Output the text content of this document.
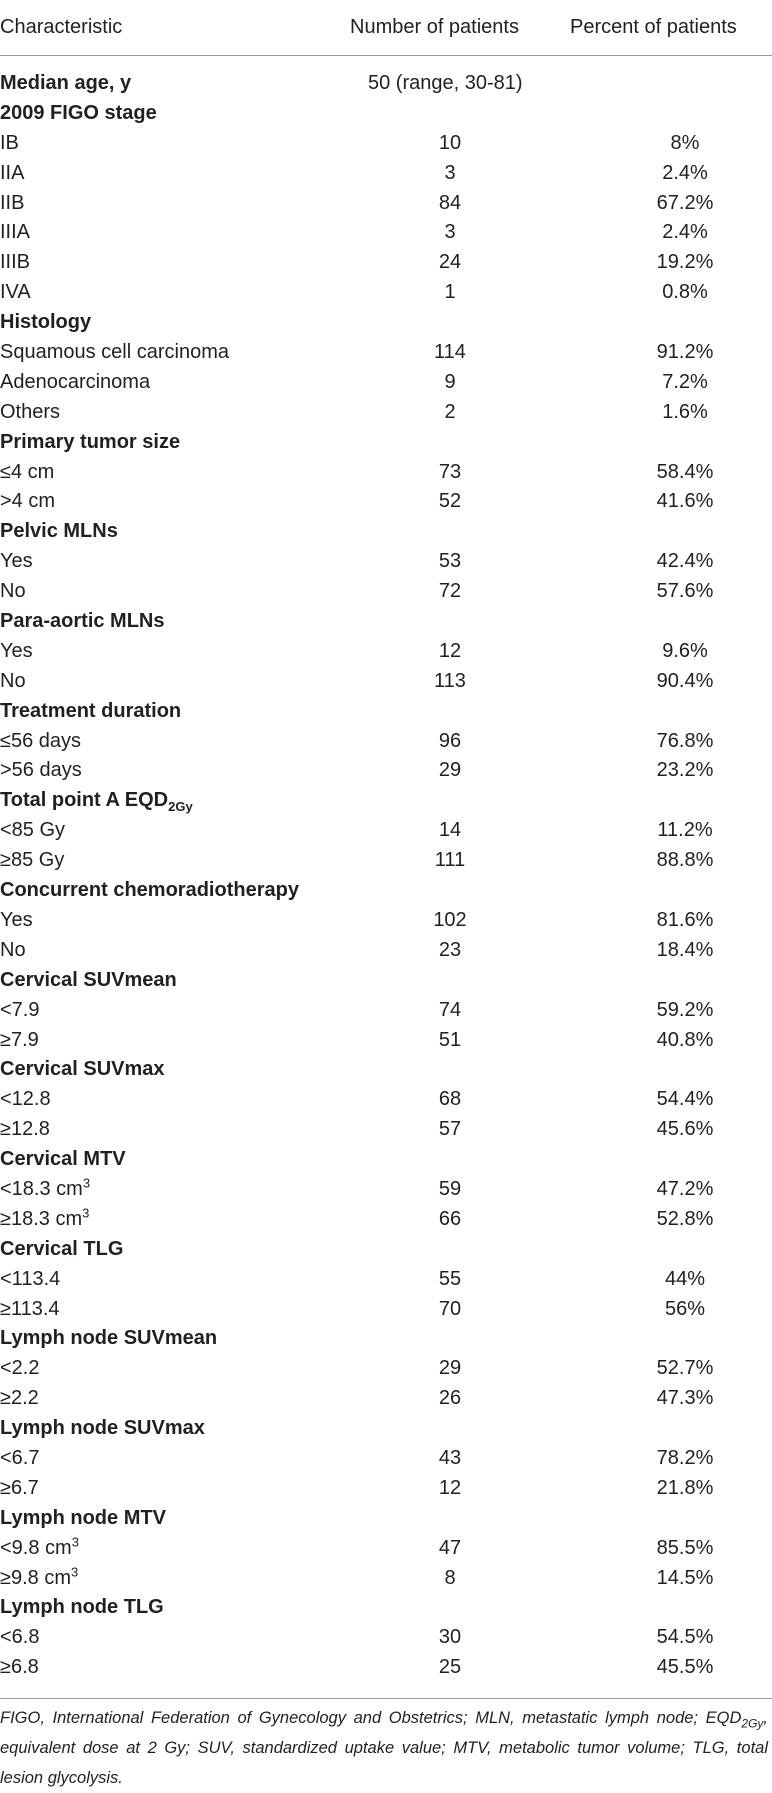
Characteristic	Number of patients	Percent of patients
Median age, y	50 (range, 30-81)
2009 FIGO stage
IB	10	8%
IIA	3	2.4%
IIB	84	67.2%
IIIA	3	2.4%
IIIB	24	19.2%
IVA	1	0.8%
Histology
Squamous cell carcinoma	114	91.2%
Adenocarcinoma	9	7.2%
Others	2	1.6%
Primary tumor size
≤4 cm	73	58.4%
>4 cm	52	41.6%
Pelvic MLNs
Yes	53	42.4%
No	72	57.6%
Para-aortic MLNs
Yes	12	9.6%
No	113	90.4%
Treatment duration
≤56 days	96	76.8%
>56 days	29	23.2%
Total point A $EQD_{2Gy}$
<85 Gy	14	11.2%
≥85 Gy	111	88.8%
Concurrent chemoradiotherapy
Yes	102	81.6%
No	23	18.4%
Cervical SUVmean
<7.9	74	59.2%
≥7.9	51	40.8%
Cervical SUVmax
<12.8	68	54.4%
≥12.8	57	45.6%
Cervical MTV
<18.3 $cm^3$	59	47.2%
≥18.3 $cm^3$	66	52.8%
Cervical TLG
<113.4	55	44%
≥113.4	70	56%
Lymph node SUVmean
<2.2	29	52.7%
≥2.2	26	47.3%
Lymph node SUVmax
<6.7	43	78.2%
≥6.7	12	21.8%
Lymph node MTV
<9.8 $cm^3$	47	85.5%
≥9.8 $cm^3$	8	14.5%
Lymph node TLG
<6.8	30	54.5%
≥6.8	25	45.5%
FIGO, International Federation of Gynecology and Obstetrics; MLN, metastatic lymph node; $EQD_{2Gy}$, equivalent dose at 2 Gy; SUV, standardized uptake value; MTV, metabolic tumor volume; TLG, total lesion glycolysis.
